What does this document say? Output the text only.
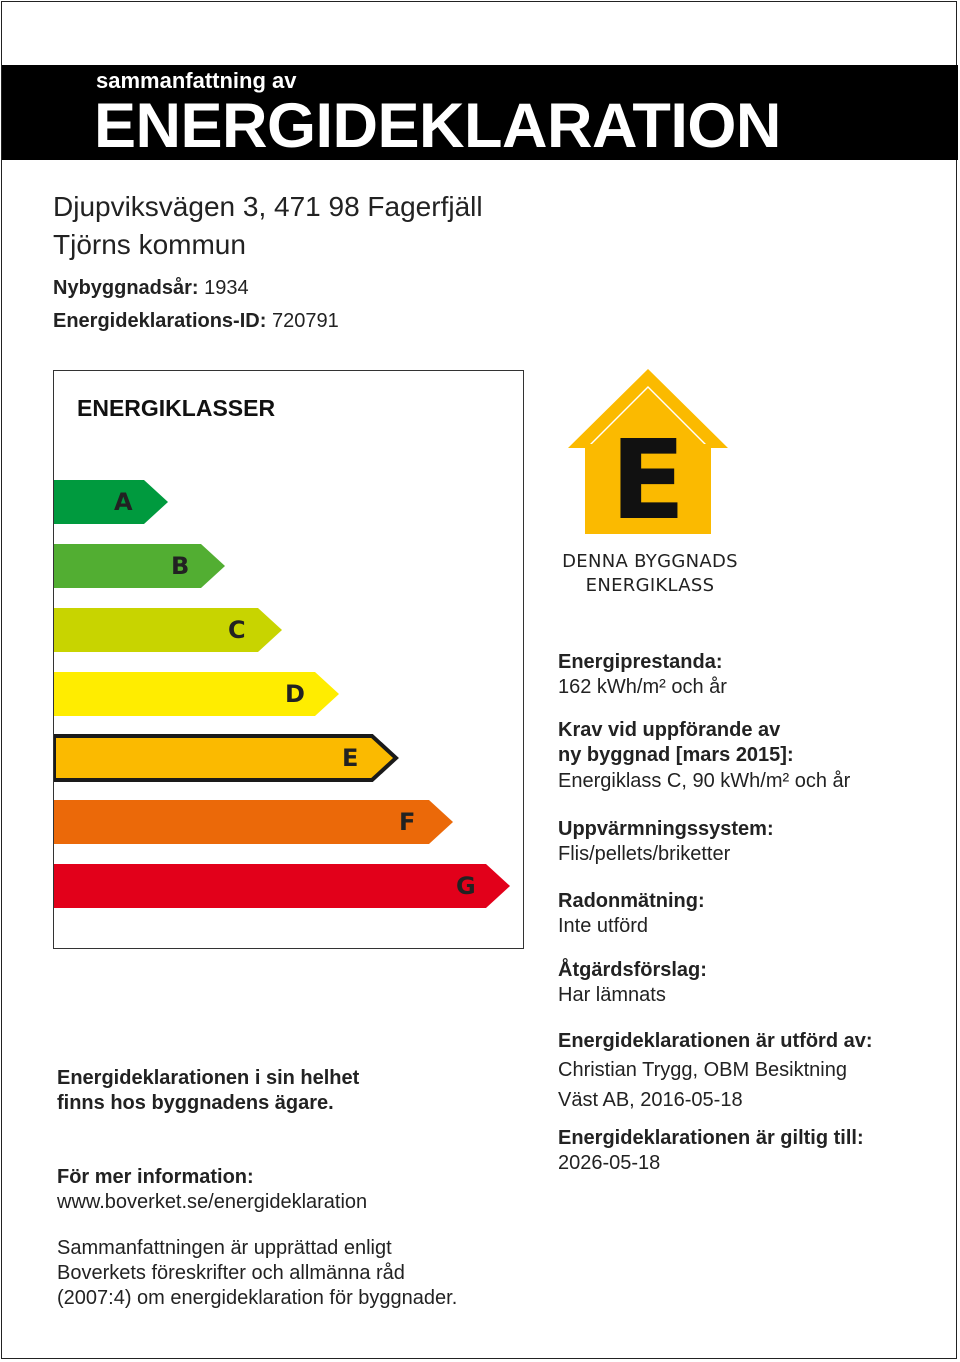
sammanfattning av
ENERGIDEKLARATION
Djupviksvägen 3, 471 98 Fagerfjäll
Tjörns kommun
Nybyggnadsår: 1934
Energideklarations-ID: 720791
ENERGIKLASSER
A
B
C
D
E
F
G
E
DENNA BYGGNADS
ENERGIKLASS
Energiprestanda:
162 kWh/m² och år
Krav vid uppförande av
ny byggnad [mars 2015]:
Energiklass C, 90 kWh/m² och år
Uppvärmningssystem:
Flis/pellets/briketter
Radonmätning:
Inte utförd
Åtgärdsförslag:
Har lämnats
Energideklarationen är utförd av:
Christian Trygg, OBM Besiktning
Väst AB, 2016-05-18
Energideklarationen är giltig till:
2026-05-18
Energideklarationen i sin helhet
finns hos byggnadens ägare.
För mer information:
www.boverket.se/energideklaration
Sammanfattningen är upprättad enligt
Boverkets föreskrifter och allmänna råd
(2007:4) om energideklaration för byggnader.
